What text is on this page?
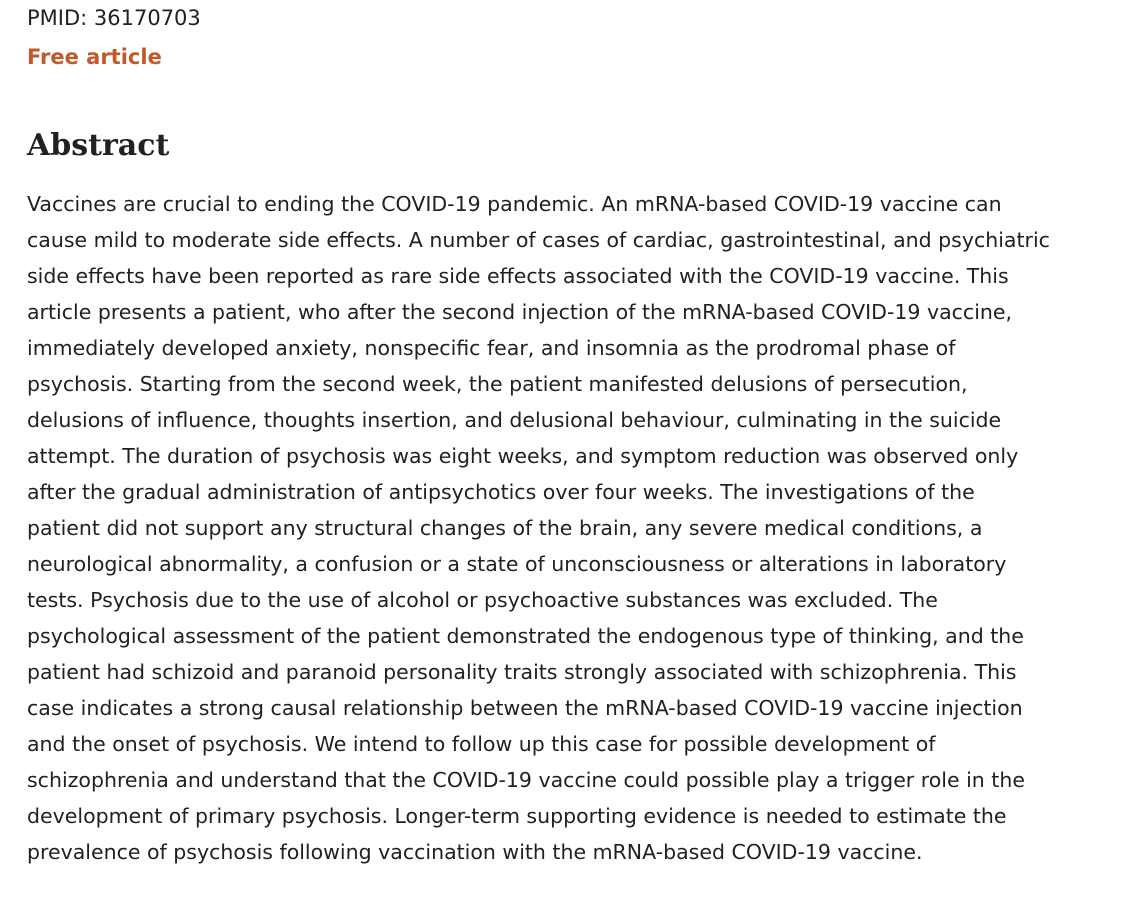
PMID: 36170703
Free article
Abstract

Vaccines are crucial to ending the COVID-19 pandemic. An mRNA-based COVID-19 vaccine can
cause mild to moderate side effects. A number of cases of cardiac, gastrointestinal, and psychiatric
side effects have been reported as rare side effects associated with the COVID-19 vaccine. This
article presents a patient, who after the second injection of the mRNA-based COVID-19 vaccine,
immediately developed anxiety, nonspecific fear, and insomnia as the prodromal phase of
psychosis. Starting from the second week, the patient manifested delusions of persecution,
delusions of influence, thoughts insertion, and delusional behaviour, culminating in the suicide
attempt. The duration of psychosis was eight weeks, and symptom reduction was observed only
after the gradual administration of antipsychotics over four weeks. The investigations of the
patient did not support any structural changes of the brain, any severe medical conditions, a
neurological abnormality, a confusion or a state of unconsciousness or alterations in laboratory
tests. Psychosis due to the use of alcohol or psychoactive substances was excluded. The
psychological assessment of the patient demonstrated the endogenous type of thinking, and the
patient had schizoid and paranoid personality traits strongly associated with schizophrenia. This
case indicates a strong causal relationship between the mRNA-based COVID-19 vaccine injection
and the onset of psychosis. We intend to follow up this case for possible development of
schizophrenia and understand that the COVID-19 vaccine could possible play a trigger role in the
development of primary psychosis. Longer-term supporting evidence is needed to estimate the
prevalence of psychosis following vaccination with the mRNA-based COVID-19 vaccine.
